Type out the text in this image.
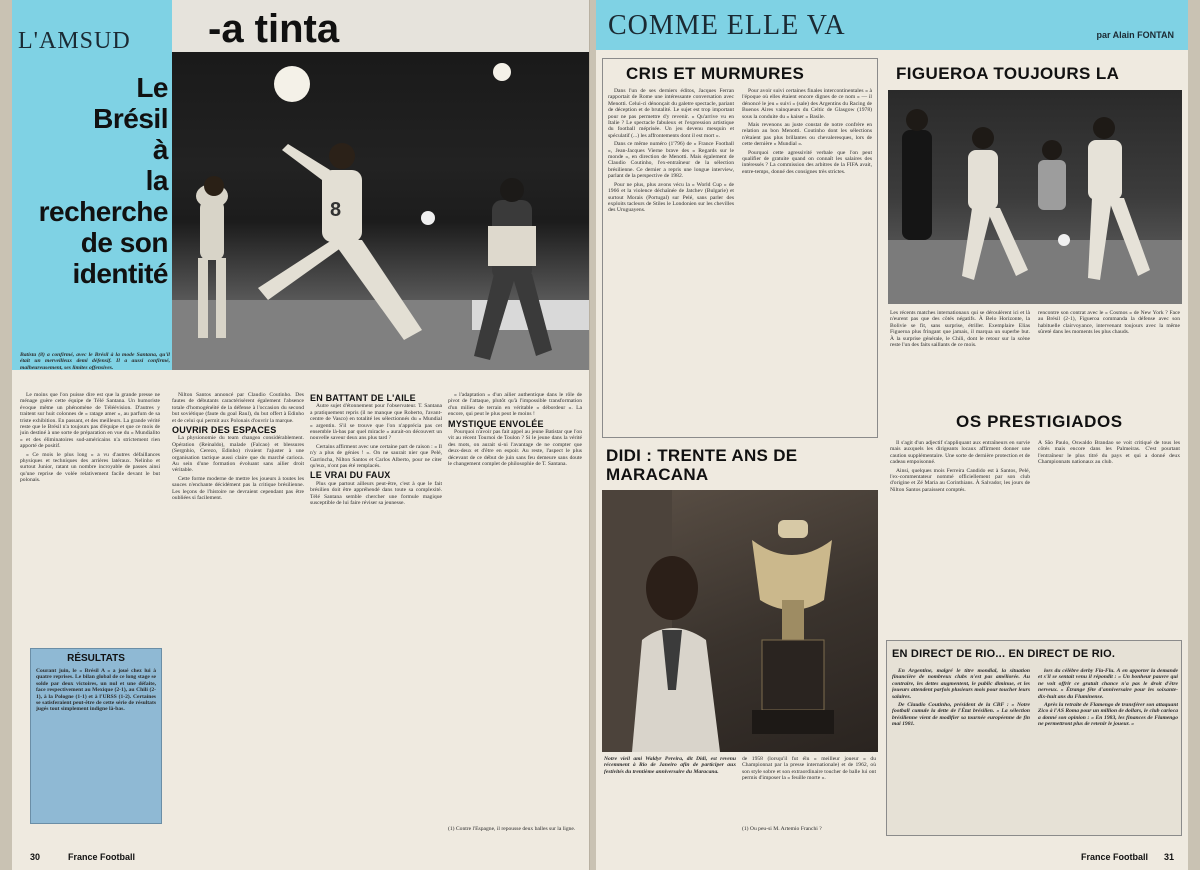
L'AMSUD
Le
Brésil
à
la
recherche
de son
identité
-a tinta
8
Batista (8) a confirmé, avec le Brésil à la mode Santana, qu'il était un merveilleux demi défensif. Il a aussi confirmé, malheureusement, ses limites offensives.

Le moins que l'on puisse dire est que la grande presse ne ménage guère cette équipe de Télé Santana. Un humoriste évoque même un phénomène de Téléévision. D'autres y traitent sur huit colonnes de « ratage amer », au parfum de sa triste exhibition. En passant, et des meilleurs. La grande vérité reste que le Brésil n'a toujours pas d'équipe et que ce mois de juin destiné à une sorte de préparation en vue du « Mundialito » et des éliminatoires sud-américains n'a strictement rien apporté de positif.

« Ce mois le plus long » a vu d'autres défaillances physiques et techniques des arrières latéraux. Nelinho et surtout Junior, ratant un nombre incroyable de passes ainsi qu'une reprise de volée relativement facile devant le but polonais.

RÉSULTATS
Courant juin, le « Brésil A » a joué chez lui à quatre reprises. Le bilan global de ce long stage se solde par deux victoires, un nul et une défaite, face respectivement au Mexique (2-1), au Chili (2-1), à la Pologne (1-1) et à l'URSS (1-2). Certaines se satisferaient peut-être de cette série de résultats jugés tout simplement indigne là-bas.

Nilton Santos annoncé par Claudio Coutinho. Des fautes de débutants caractérisèrent également l'absence totale d'homogénéité de la défense à l'occasion du second but soviétique (faute du goal Raul), du but offert à Edinho et de celui qui permit aux Polonais d'ouvrir la marque.

OUVRIR DES ESPACES

La physionomie du team changea considérablement. Opération (Reinaldo), malade (Falcao) et blessures (Sergnhio, Cerezo, Edinho) rivaient l'ajuster à une organisation tactique aussi claire que du marché carioca. Au sein d'une formation évoluant sans ailier droit véritable.

Cette forme moderne de mettre les joueurs à toutes les sauces n'enchante décidément pas la critique brésilienne. Les leçons de l'histoire ne devraient cependant pas être oubliées si facilement.

EN BATTANT DE L'AILE

Autre sujet d'étonnement pour l'observateur. T. Santana a pratiquement repris (il ne manque que Roberto, l'avant-centre de Vasco) en totalité les sélectionnés du « Mundial » argentin. S'il se trouve que l'on n'apprécia pas cet ensemble là-bas par quel miracle « aurait-on découvert un nouvelle saveur deux ans plus tard ?

Certains affirment avec une certaine part de raison : « Il n'y a plus de génies ! ». On ne saurait nier que Pelé, Garrincha, Nilton Santos et Carlos Alberto, pour ne citer qu'eux, n'ont pas été remplacés.

LE VRAI DU FAUX

Plus que partout ailleurs peut-être, c'est à que le fait brésilien doit être appréhendé dans toute sa complexité. Télé Santana semble chercher une formule magique susceptible de lui faire réviser sa jeunesse.

« l'adaptation » d'un ailier authentique dans le rôle de pivot de l'attaque, plutôt qu'à l'impossible transformation d'un milieu de terrain en véritable « débordeur ». La encore, qui peut le plus peut le moins !

MYSTIQUE ENVOLÉE

Pourquoi n'avoir pas fait appel au jeune Batistar que l'on vit au récent Tournoi de Toulon ? Si le jeune dans la vérité des mots, on aurait si-ni l'avantage de ne compter que deux-deux et d'être en espoir. Au reste, l'aspect le plus décevant de ce début de juin sans feu demeure sans doute le changement complet de philosophie de T. Santana.

(1) Contre l'Espagne, il repousse deux balles sur la ligne.
30	France Football
COMME ELLE VA	par Alain FONTAN
CRIS ET MURMURES

Dans l'un de ses derniers éditos, Jacques Ferran rapportait de Rome une intéressante conversation avec Menotti. Celui-ci dénonçait du galetre spectacle, pariant de déception et de brutalité. Le sujet est trop important pour ne pas permettre d'y revenir. « Qu'arrive vu en Italie ? Le spectacle fabuleux et l'expression artistique du football méprisée. Un jeu devenu mesquin et spéculatif (...) les affrontements dont il est mort ».

Dans ce même numéro (1'796) de « France Football », Jean-Jacques Vierne brave des « Regards sur le monde », en direction de Menotti. Mais également de Claudio Coutinho, l'ex-entraîneur de la sélection brésilienne. Ce dernier a repris une longue interview, parlant de la perspective de 1982.

Pour ne plus, plus avons vécu la « World Cup » de 1966 et la violence déchaînée de Jatchev (Bulgarie) et surtout Morais (Portugal) sur Pelé, sans parler des exploits tacleurs de Stiles le Londonien sur les chevilles des Uruguayens.

Pour avoir suivi certaines finales intercontinentales « à l'époque où elles étaient encore dignes de ce nom » — il dénoncé le jeu « suivi » (sale) des Argentins du Racing de Buenos Aires vainqueurs du Celtic de Glasgow (1978) sous la conduite du « kaiser » Basile.

Mais revenons au juste constat de notre confrère en relation au bon Menotti. Coutinho dont les sélections n'étaient pas plus brillantes ou chevaleresques, lors de cette dernière « Mundial ».

Pourquoi cette agressivité verbale que l'on peut qualifier de gratuite quand on connaît les salaires des intéressés ? La commission des arbitres de la FIFA avait, entre-temps, donné des consignes très strictes.

DIDI : TRENTE ANS DE MARACANA
Notre vieil ami Waldyr Pereira, dit Didi, est revenu récemment à Rio de Janeiro afin de participer aux festivités du trentième anniversaire du Maracana.
de 1958 (lorsqu'il fut élu « meilleur joueur » du Championnat par la presse internationale) et de 1962, où son style sobre et son extraordinaire toucher de balle lui ont permis d'imposer la « feuille morte ».
(1) Ou peu-si M. Artemio Franchi ?
FIGUEROA TOUJOURS LA
Les récents matches internationaux qui se déroulèrent ici et là n'eurent pas que des côtés négatifs. À Belo Horizonte, la Bolivie se fit, sans surprise, étriller. Exemplaire Elias Figueroa plus fringant que jamais, il marqua un superbe but. À la surprise générale, le Chili, dont le retour sur la scène reste l'un des faits saillants de ce mois.
rencontre son contrat avec le « Cosmos » de New York ? Face au Brésil (2-1), Figueroa commanda la défense avec son habituelle clairvoyance, intervenant toujours avec la même sûreté dans les moments les plus chauds.
OS PRESTIGIADOS

Il s'agit d'un adjectif s'appliquant aux entraîneurs en survie mais auxquels les dirigeants locaux affirment donner une caution supplémentaire. Une sorte de dernière protection et de cadeau empoisonné.

Ainsi, quelques mois Ferreira Candido est à Santos, Pelé, l'ex-commentateur nommé officiellement par son club d'origine et Zé Maria au Corinthians. À Salvador, les jours de Nilton Santos paraissent comptés.

À São Paulo, Oswaldo Brandao se voit critiqué de tous les côtés mais encore dans les Palmeiras. C'est pourtant l'entraîneur le plus titré du pays et qui a donné deux Championnats nationaux au club.
EN DIRECT DE RIO... EN DIRECT DE RIO.

En Argentine, malgré le titre mondial, la situation financière de nombreux clubs n'est pas améliorée. Au contraire, les dettes augmentent, le public diminue, et les joueurs attendent parfois plusieurs mois pour toucher leurs salaires.

De Claudio Coutinho, président de la CBF : « Notre football cumule la dette de l'État brésilien. » La sélection brésilienne vient de modifier sa tournée européenne de fin mai 1981.

lors du célèbre derby Fla-Flu. À en apporter la demande et s'il se sentait venu il répondit : « Un bonheur pauvre qui ne voit offrir ce gratuit chance n'a pas le droit d'être nerveux. » Étrange fête d'anniversaire pour les soixante-dix-huit ans du Fluminense.

Après la retraite de Flamengo de transférer son attaquant Zico à l'AS Roma pour un million de dollars, le club carioca a donné son opinion : « En 1983, les finances de Flamengo ne permettront plus de retenir le joueur. »

France Football 31
